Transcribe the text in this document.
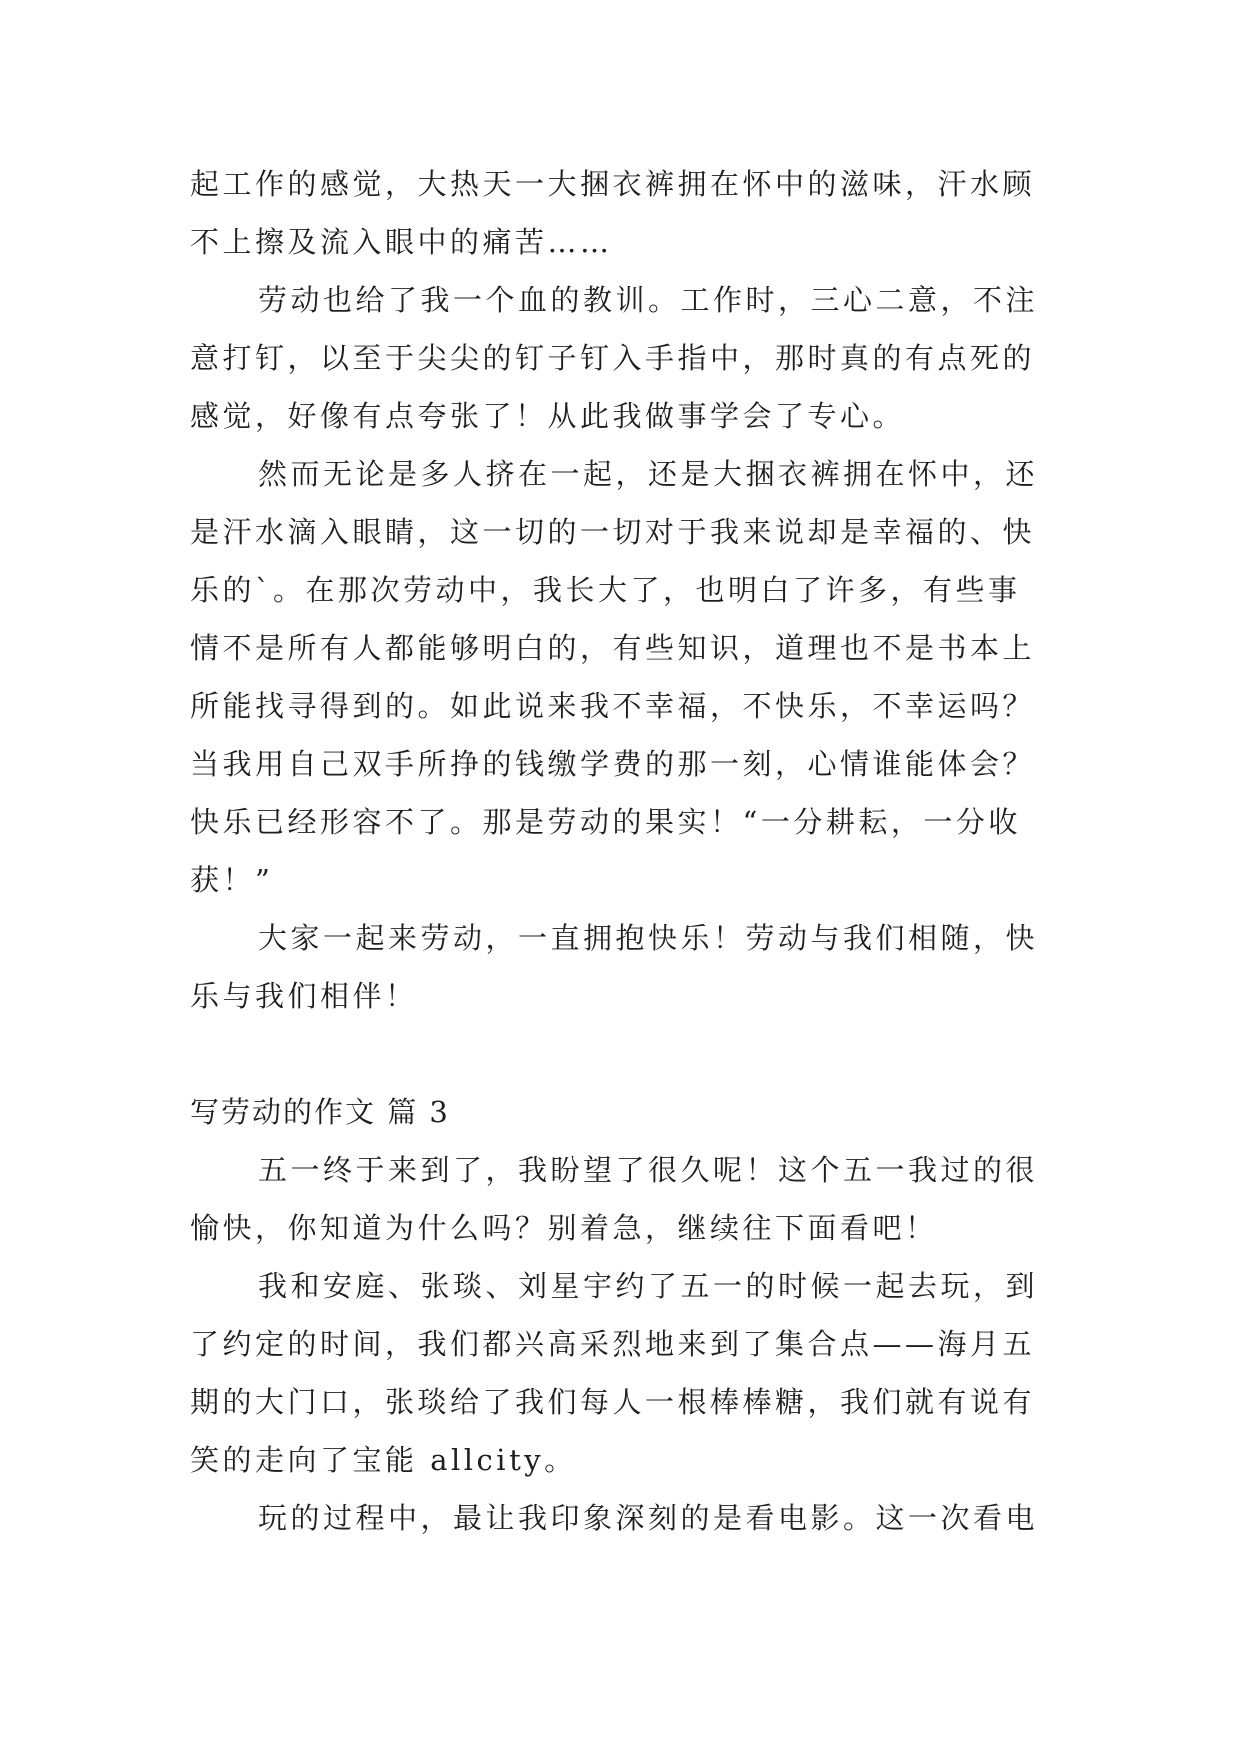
起工作的感觉，大热天一大捆衣裤拥在怀中的滋味，汗水顾
不上擦及流入眼中的痛苦……
劳动也给了我一个血的教训。工作时，三心二意，不注
意打钉，以至于尖尖的钉子钉入手指中，那时真的有点死的
感觉，好像有点夸张了！从此我做事学会了专心。
然而无论是多人挤在一起，还是大捆衣裤拥在怀中，还
是汗水滴入眼睛，这一切的一切对于我来说却是幸福的、快
乐的`。在那次劳动中，我长大了，也明白了许多，有些事
情不是所有人都能够明白的，有些知识，道理也不是书本上
所能找寻得到的。如此说来我不幸福，不快乐，不幸运吗？
当我用自己双手所挣的钱缴学费的那一刻，心情谁能体会？
快乐已经形容不了。那是劳动的果实！“一分耕耘，一分收
获！”
大家一起来劳动，一直拥抱快乐！劳动与我们相随，快
乐与我们相伴！
写劳动的作文 篇 3
五一终于来到了，我盼望了很久呢！这个五一我过的很
愉快，你知道为什么吗？别着急，继续往下面看吧！
我和安庭、张琰、刘星宇约了五一的时候一起去玩，到
了约定的时间，我们都兴高采烈地来到了集合点——海月五
期的大门口，张琰给了我们每人一根棒棒糖，我们就有说有
笑的走向了宝能 allcity。
玩的过程中，最让我印象深刻的是看电影。这一次看电
